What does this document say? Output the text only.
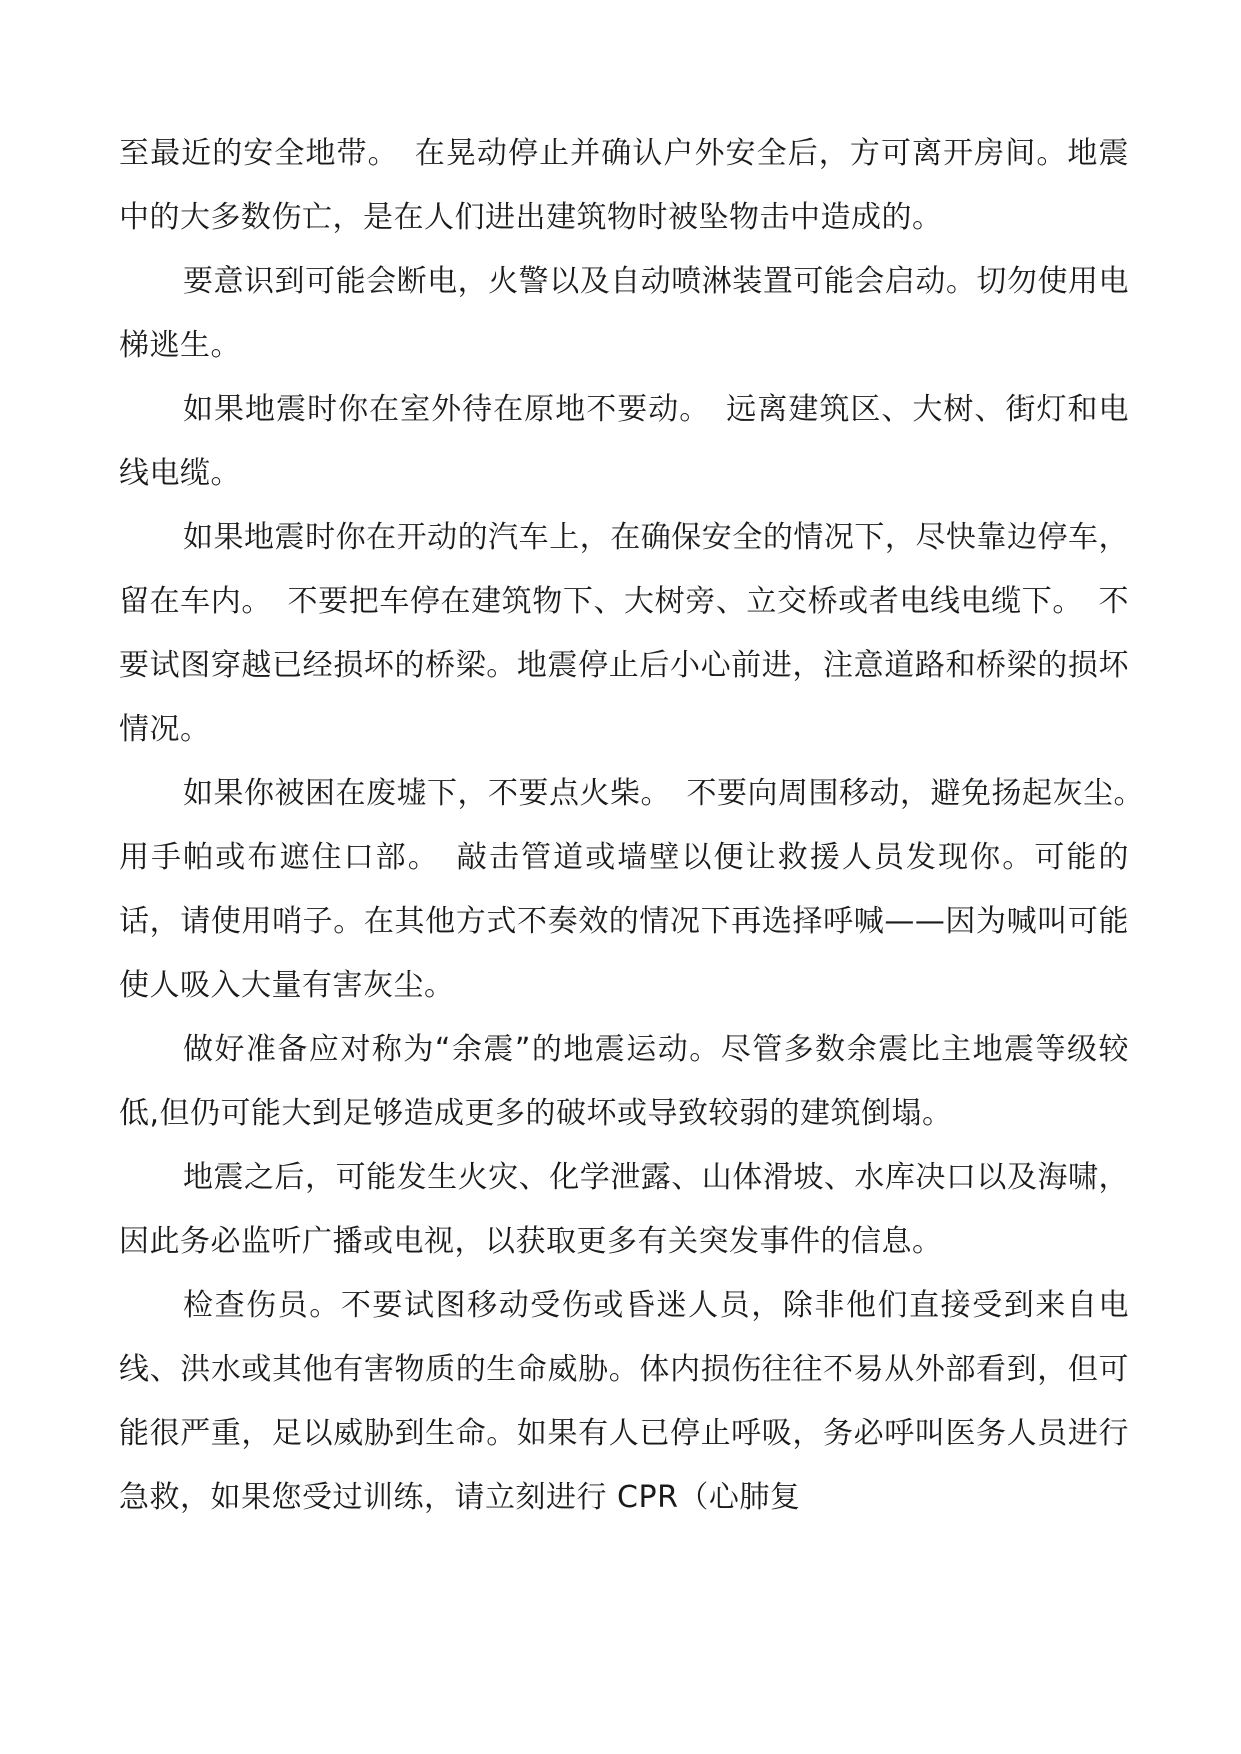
至最近的安全地带。　在晃动停止并确认户外安全后，方可离开房间。地震中的大多数伤亡，是在人们进出建筑物时被坠物击中造成的。

要意识到可能会断电，火警以及自动喷淋装置可能会启动。切勿使用电梯逃生。

如果地震时你在室外待在原地不要动。　远离建筑区、大树、街灯和电线电缆。

如果地震时你在开动的汽车上，在确保安全的情况下，尽快靠边停车，留在车内。　不要把车停在建筑物下、大树旁、立交桥或者电线电缆下。　不要试图穿越已经损坏的桥梁。地震停止后小心前进，注意道路和桥梁的损坏情况。

如果你被困在废墟下，不要点火柴。　不要向周围移动，避免扬起灰尘。　用手帕或布遮住口部。　敲击管道或墙壁以便让救援人员发现你。可能的话，请使用哨子。在其他方式不奏效的情况下再选择呼喊——因为喊叫可能使人吸入大量有害灰尘。

做好准备应对称为“余震”的地震运动。尽管多数余震比主地震等级较低,但仍可能大到足够造成更多的破坏或导致较弱的建筑倒塌。

地震之后，可能发生火灾、化学泄露、山体滑坡、水库决口以及海啸，因此务必监听广播或电视，以获取更多有关突发事件的信息。

检查伤员。不要试图移动受伤或昏迷人员，除非他们直接受到来自电线、洪水或其他有害物质的生命威胁。体内损伤往往不易从外部看到，但可能很严重，足以威胁到生命。如果有人已停止呼吸，务必呼叫医务人员进行急救，如果您受过训练，请立刻进行 CPR（心肺复
